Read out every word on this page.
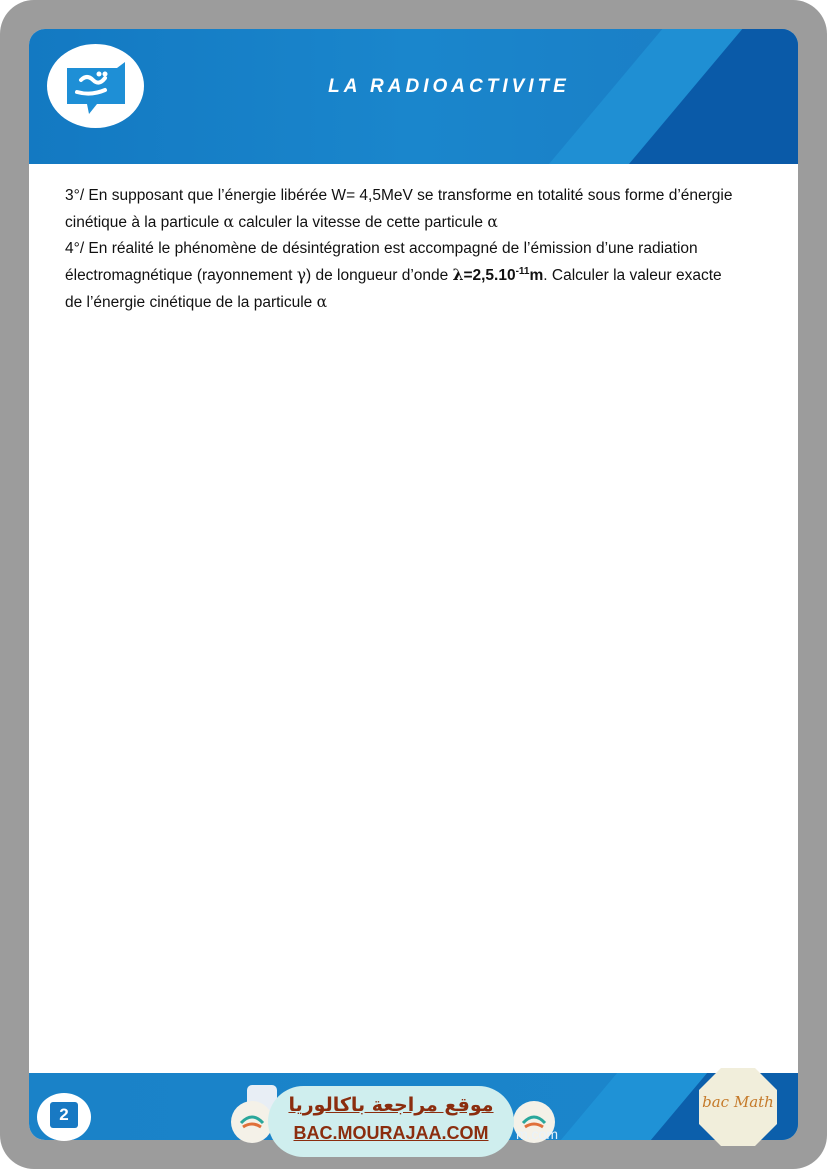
LA RADIOACTIVITE

3°/ En supposant que l’énergie libérée W= 4,5MeV se transforme en totalité sous forme d’énergie cinétique à la particule α calculer la vitesse de cette particule α

4°/ En réalité le phénomène de désintégration est accompagné de l’émission d’une radiation électromagnétique (rayonnement γ) de longueur d’onde $\lambda=2,5.10^{-11}m$. Calculer la valeur exacte de l’énergie cinétique de la particule α

2
m.com
موقع مراجعة باكالوريا
BAC.MOURAJAA.COM
bac Math
